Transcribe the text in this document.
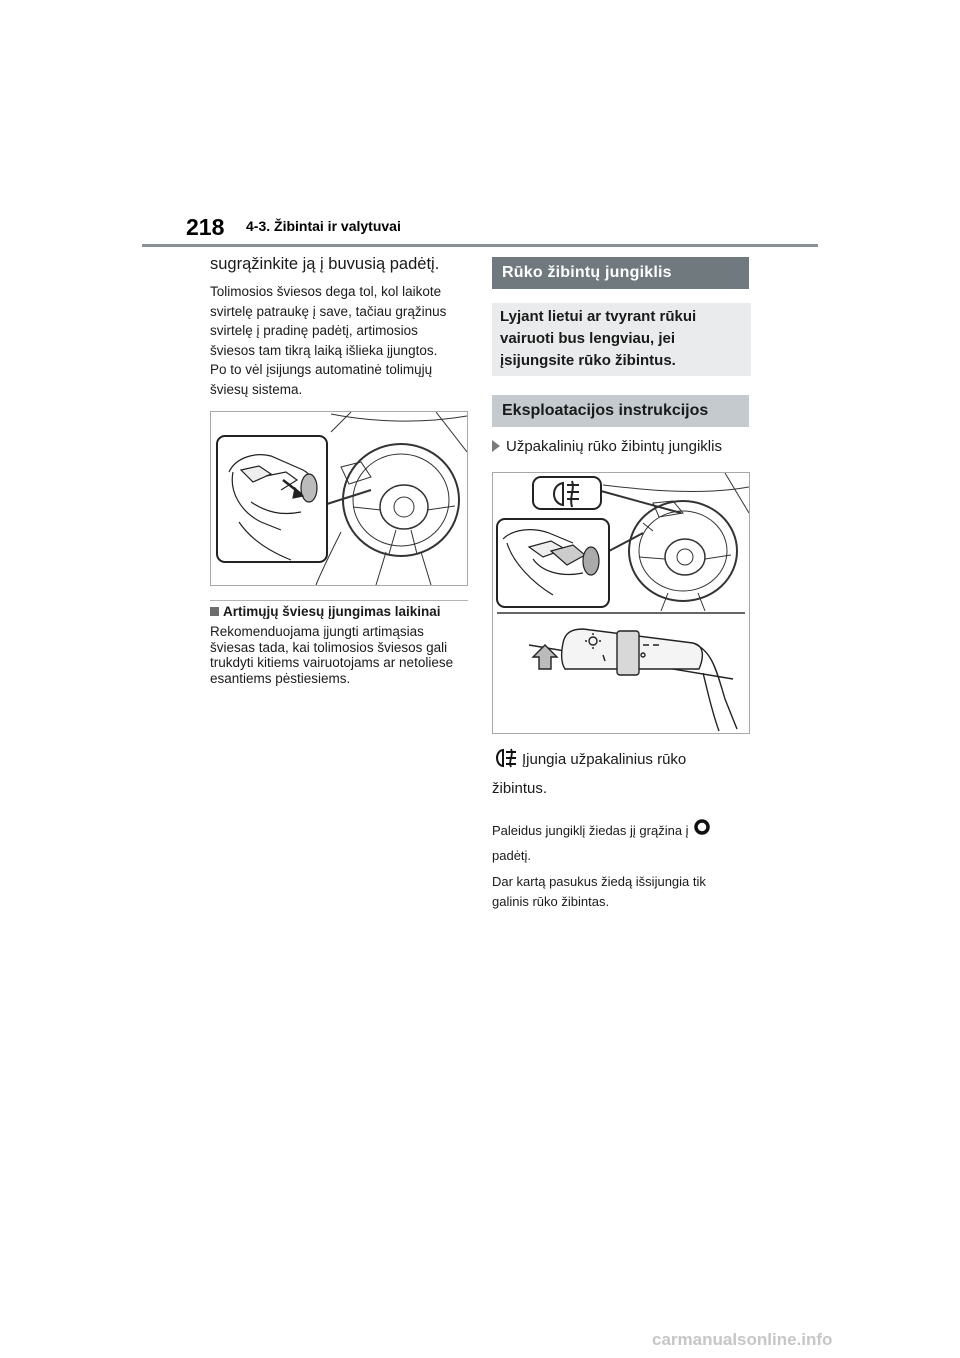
218 4-3. Žibintai ir valytuvai
sugrąžinkite ją į buvusią padėtį.

Tolimosios šviesos dega tol, kol laikote

svirtelę patraukę į save, tačiau grąžinus

svirtelę į pradinę padėtį, artimosios

šviesos tam tikrą laiką išlieka įjungtos.

Po to vėl įsijungs automatinė tolimųjų

šviesų sistema.

Artimųjų šviesų įjungimas laikinai
Rekomenduojama įjungti artimąsias šviesas tada, kai tolimosios šviesos gali trukdyti kitiems vairuotojams ar netoliese esantiems pėstiesiems.
Rūko žibintų jungiklis
Lyjant lietui ar tvyrant rūkui
vairuoti bus lengviau, jei
įsijungsite rūko žibintus.
Eksploatacijos instrukcijos
Užpakalinių rūko žibintų jungiklis
Įjungia užpakalinius rūko
žibintus.
Paleidus jungiklį žiedas jį grąžina į
padėtį.

Dar kartą pasukus žiedą išsijungia tik

galinis rūko žibintas.

carmanualsonline.info
